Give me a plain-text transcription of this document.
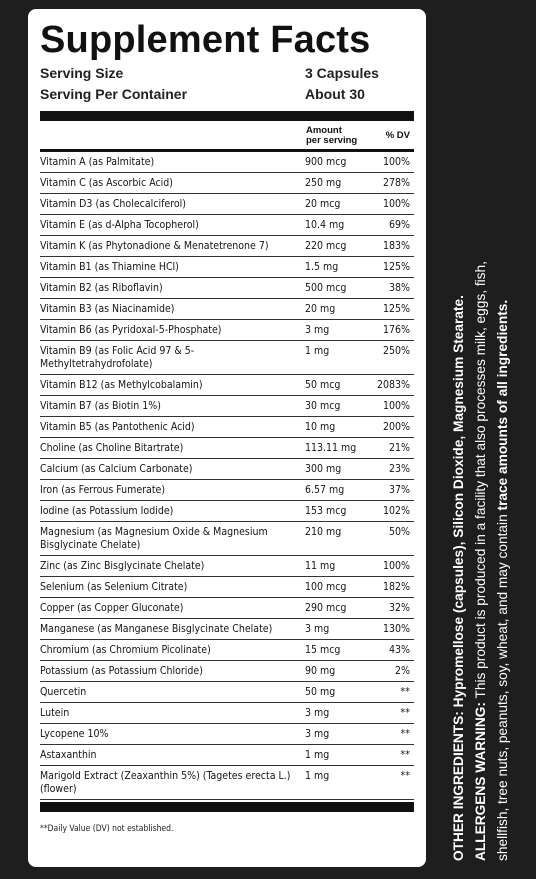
Supplement Facts
Serving Size	3 Capsules
Serving Per Container	About 30
Amount
per serving	% DV
Vitamin A (as Palmitate)	900 mcg	100%
Vitamin C (as Ascorbic Acid)	250 mg	278%
Vitamin D3 (as Cholecalciferol)	20 mcg	100%
Vitamin E (as d-Alpha Tocopherol)	10.4 mg	69%
Vitamin K (as Phytonadione & Menatetrenone 7)	220 mcg	183%
Vitamin B1 (as Thiamine HCl)	1.5 mg	125%
Vitamin B2 (as Riboflavin)	500 mcg	38%
Vitamin B3 (as Niacinamide)	20 mg	125%
Vitamin B6 (as Pyridoxal-5-Phosphate)	3 mg	176%
Vitamin B9 (as Folic Acid 97 & 5-Methyltetrahydrofolate)
1 mg	250%
Vitamin B12 (as Methylcobalamin)	50 mcg	2083%
Vitamin B7 (as Biotin 1%)	30 mcg	100%
Vitamin B5 (as Pantothenic Acid)	10 mg	200%
Choline (as Choline Bitartrate)	113.11 mg	21%
Calcium (as Calcium Carbonate)	300 mg	23%
Iron (as Ferrous Fumerate)	6.57 mg	37%
Iodine (as Potassium Iodide)	153 mcg	102%
Magnesium (as Magnesium Oxide & Magnesium Bisglycinate Chelate)
210 mg	50%
Zinc (as Zinc Bisglycinate Chelate)	11 mg	100%
Selenium (as Selenium Citrate)	100 mcg	182%
Copper (as Copper Gluconate)	290 mcg	32%
Manganese (as Manganese Bisglycinate Chelate)	3 mg	130%
Chromium (as Chromium Picolinate)	15 mcg	43%
Potassium (as Potassium Chloride)	90 mg	2%
Quercetin	50 mg	**
Lutein	3 mg	**
Lycopene 10%	3 mg	**
Astaxanthin	1 mg	**
Marigold Extract (Zeaxanthin 5%) (Tagetes erecta L.) (flower)
1 mg	**
**Daily Value (DV) not established.	OTHER INGREDIENTS: Hypromellose (capsules), Silicon Dioxide, Magnesium Stearate.

ALLERGENS WARNING: This product is produced in a facility that also processes milk, eggs, fish, shellfish, tree nuts, peanuts, soy, wheat, and may contain trace amounts of all ingredients.
